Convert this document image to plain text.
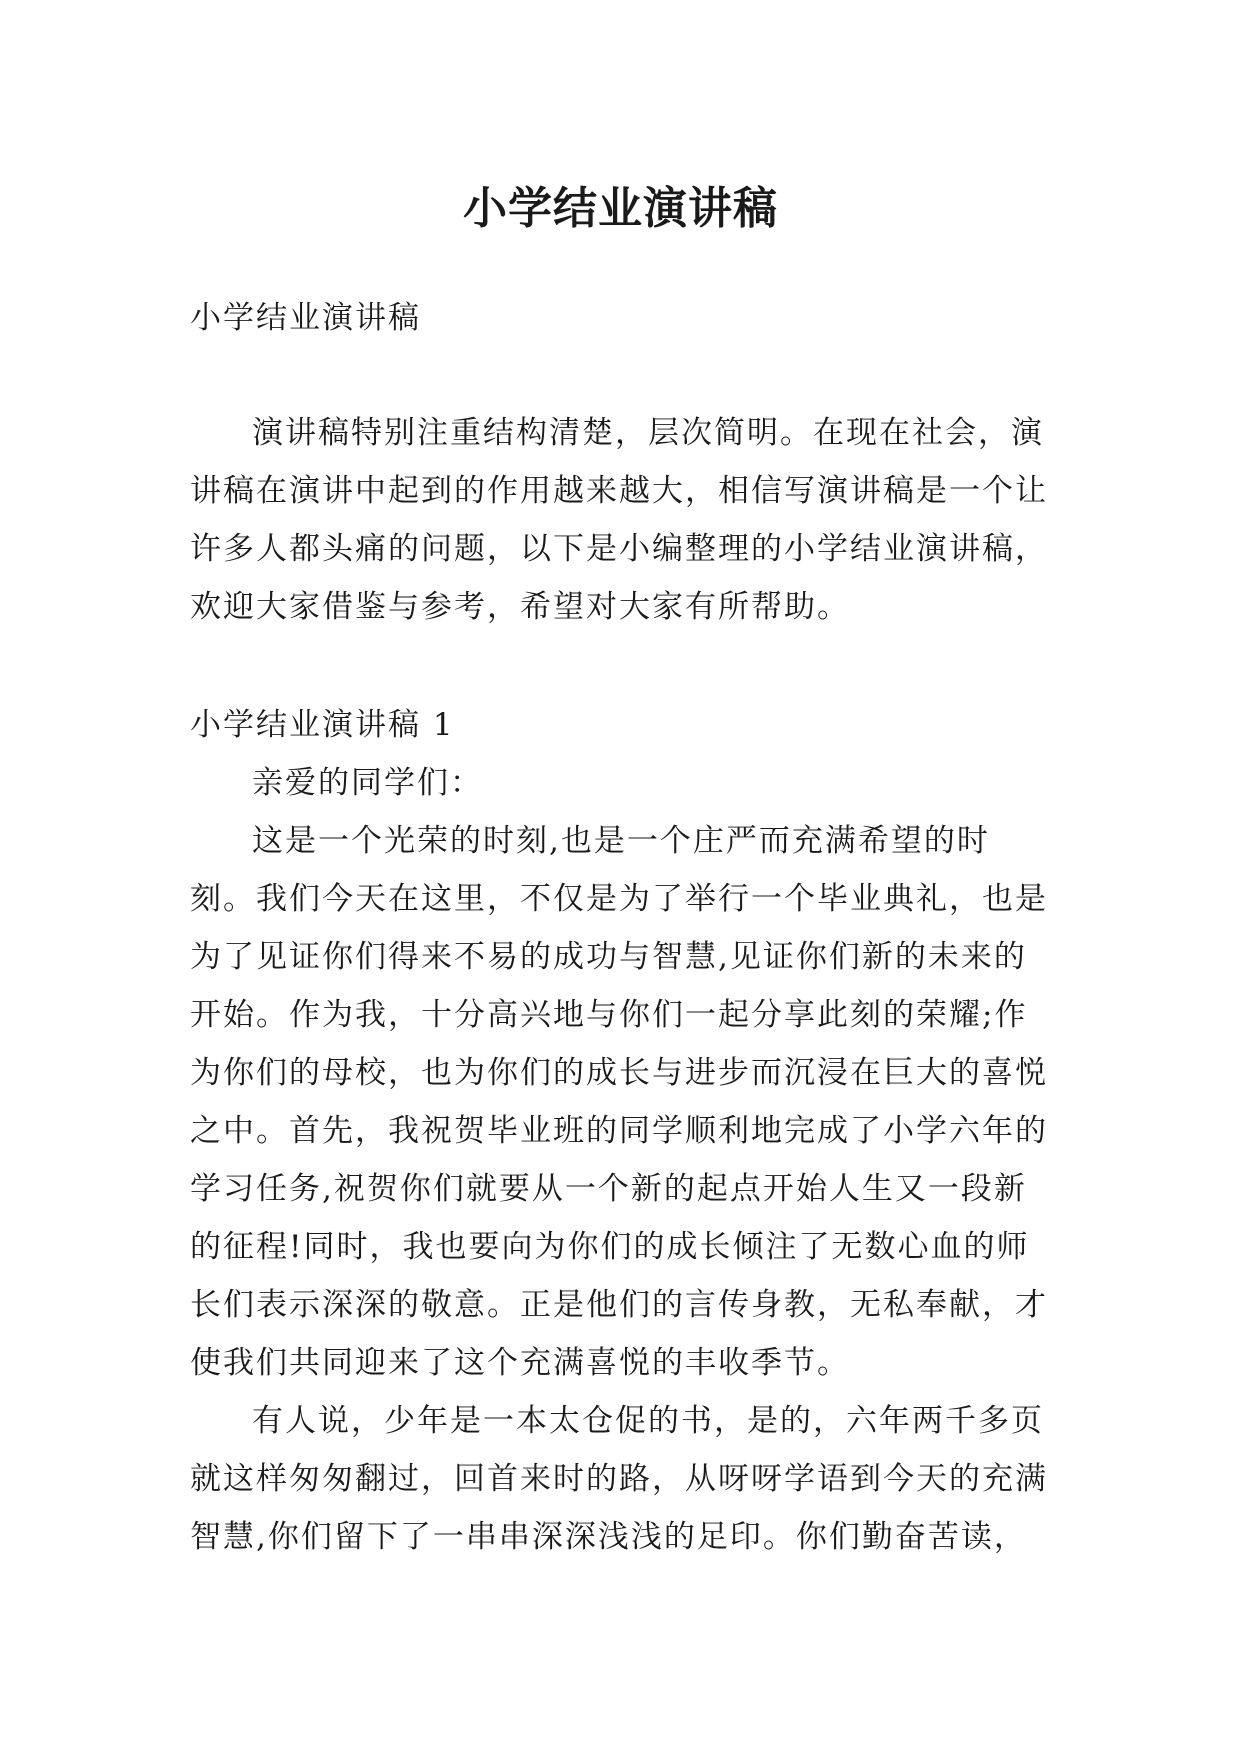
小学结业演讲稿

小学结业演讲稿

演讲稿特别注重结构清楚，层次简明。在现在社会，演讲稿在演讲中起到的作用越来越大，相信写演讲稿是一个让许多人都头痛的问题，以下是小编整理的小学结业演讲稿，欢迎大家借鉴与参考，希望对大家有所帮助。

小学结业演讲稿 1

亲爱的同学们：

这是一个光荣的时刻,也是一个庄严而充满希望的时刻。我们今天在这里，不仅是为了举行一个毕业典礼，也是为了见证你们得来不易的成功与智慧,见证你们新的未来的开始。作为我，十分高兴地与你们一起分享此刻的荣耀;作为你们的母校，也为你们的成长与进步而沉浸在巨大的喜悦之中。首先，我祝贺毕业班的同学顺利地完成了小学六年的学习任务,祝贺你们就要从一个新的起点开始人生又一段新的征程!同时，我也要向为你们的成长倾注了无数心血的师长们表示深深的敬意。正是他们的言传身教，无私奉献，才使我们共同迎来了这个充满喜悦的丰收季节。

有人说，少年是一本太仓促的书，是的，六年两千多页就这样匆匆翻过，回首来时的路，从呀呀学语到今天的充满智慧,你们留下了一串串深深浅浅的足印。你们勤奋苦读，
